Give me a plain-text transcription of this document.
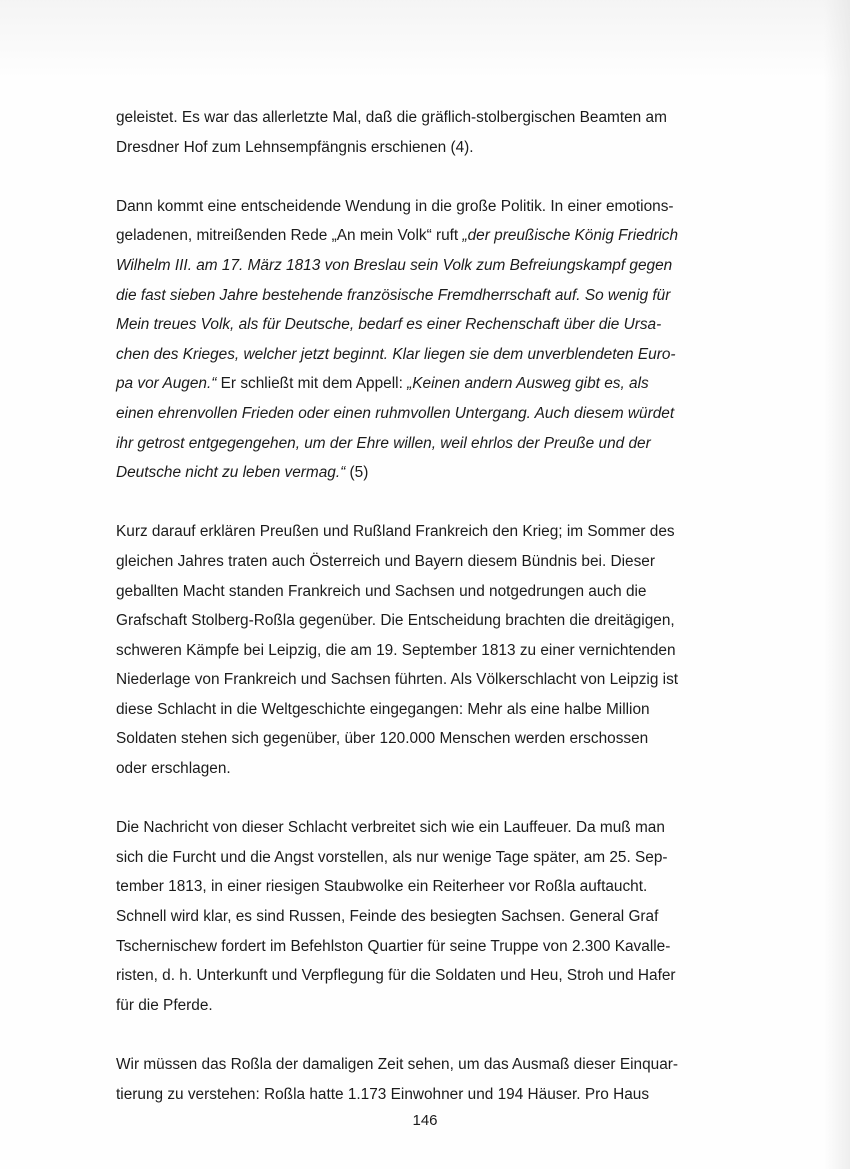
geleistet. Es war das allerletzte Mal, daß die gräflich-stolbergischen Beamten am
Dresdner Hof zum Lehnsempfängnis erschienen (4).

Dann kommt eine entscheidende Wendung in die große Politik. In einer emotions-
geladenen, mitreißenden Rede „An mein Volk“ ruft „der preußische König Friedrich
Wilhelm III. am 17. März 1813 von Breslau sein Volk zum Befreiungskampf gegen
die fast sieben Jahre bestehende französische Fremdherrschaft auf. So wenig für
Mein treues Volk, als für Deutsche, bedarf es einer Rechenschaft über die Ursa-
chen des Krieges, welcher jetzt beginnt. Klar liegen sie dem unverblendeten Euro-
pa vor Augen.“ Er schließt mit dem Appell: „Keinen andern Ausweg gibt es, als
einen ehrenvollen Frieden oder einen ruhmvollen Untergang. Auch diesem würdet
ihr getrost entgegengehen, um der Ehre willen, weil ehrlos der Preuße und der
Deutsche nicht zu leben vermag.“ (5)

Kurz darauf erklären Preußen und Rußland Frankreich den Krieg; im Sommer des
gleichen Jahres traten auch Österreich und Bayern diesem Bündnis bei. Dieser
geballten Macht standen Frankreich und Sachsen und notgedrungen auch die
Grafschaft Stolberg-Roßla gegenüber. Die Entscheidung brachten die dreitägigen,
schweren Kämpfe bei Leipzig, die am 19. September 1813 zu einer vernichtenden
Niederlage von Frankreich und Sachsen führten. Als Völkerschlacht von Leipzig ist
diese Schlacht in die Weltgeschichte eingegangen: Mehr als eine halbe Million
Soldaten stehen sich gegenüber, über 120.000 Menschen werden erschossen
oder erschlagen.

Die Nachricht von dieser Schlacht verbreitet sich wie ein Lauffeuer. Da muß man
sich die Furcht und die Angst vorstellen, als nur wenige Tage später, am 25. Sep-
tember 1813, in einer riesigen Staubwolke ein Reiterheer vor Roßla auftaucht.
Schnell wird klar, es sind Russen, Feinde des besiegten Sachsen. General Graf
Tschernischew fordert im Befehlston Quartier für seine Truppe von 2.300 Kavalle-
risten, d. h. Unterkunft und Verpflegung für die Soldaten und Heu, Stroh und Hafer
für die Pferde.

Wir müssen das Roßla der damaligen Zeit sehen, um das Ausmaß dieser Einquar-
tierung zu verstehen: Roßla hatte 1.173 Einwohner und 194 Häuser. Pro Haus

146
